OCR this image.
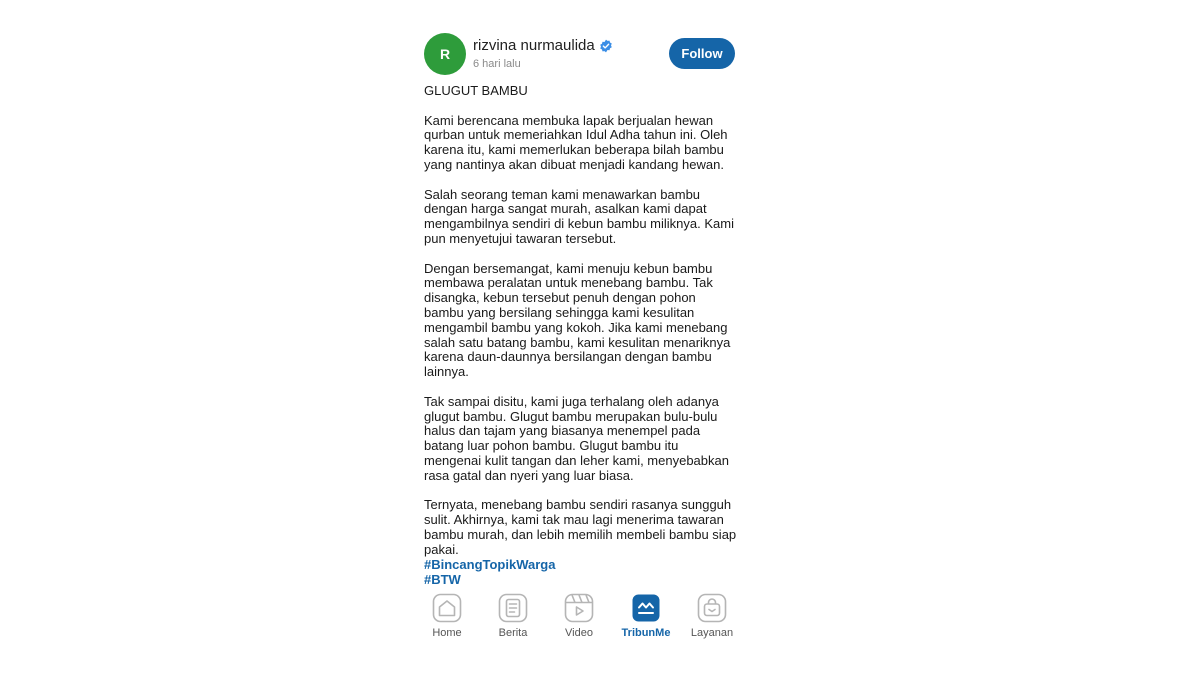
R	rizvina nurmaulida
6 hari lalu
Follow

GLUGUT BAMBU

Kami berencana membuka lapak berjualan hewan qurban untuk memeriahkan Idul Adha tahun ini. Oleh karena itu, kami memerlukan beberapa bilah bambu yang nantinya akan dibuat menjadi kandang hewan.

Salah seorang teman kami menawarkan bambu dengan harga sangat murah, asalkan kami dapat mengambilnya sendiri di kebun bambu miliknya. Kami pun menyetujui tawaran tersebut.

Dengan bersemangat, kami menuju kebun bambu membawa peralatan untuk menebang bambu. Tak disangka, kebun tersebut penuh dengan pohon bambu yang bersilang sehingga kami kesulitan mengambil bambu yang kokoh. Jika kami menebang salah satu batang bambu, kami kesulitan menariknya karena daun-daunnya bersilangan dengan bambu lainnya.

Tak sampai disitu, kami juga terhalang oleh adanya glugut bambu. Glugut bambu merupakan bulu-bulu halus dan tajam yang biasanya menempel pada batang luar pohon bambu. Glugut bambu itu mengenai kulit tangan dan leher kami, menyebabkan rasa gatal dan nyeri yang luar biasa.

Ternyata, menebang bambu sendiri rasanya sungguh sulit. Akhirnya, kami tak mau lagi menerima tawaran bambu murah, dan lebih memilih membeli bambu siap pakai.

#BincangTopikWarga
#BTW
Home	Berita	Video	TribunMe Layanan
